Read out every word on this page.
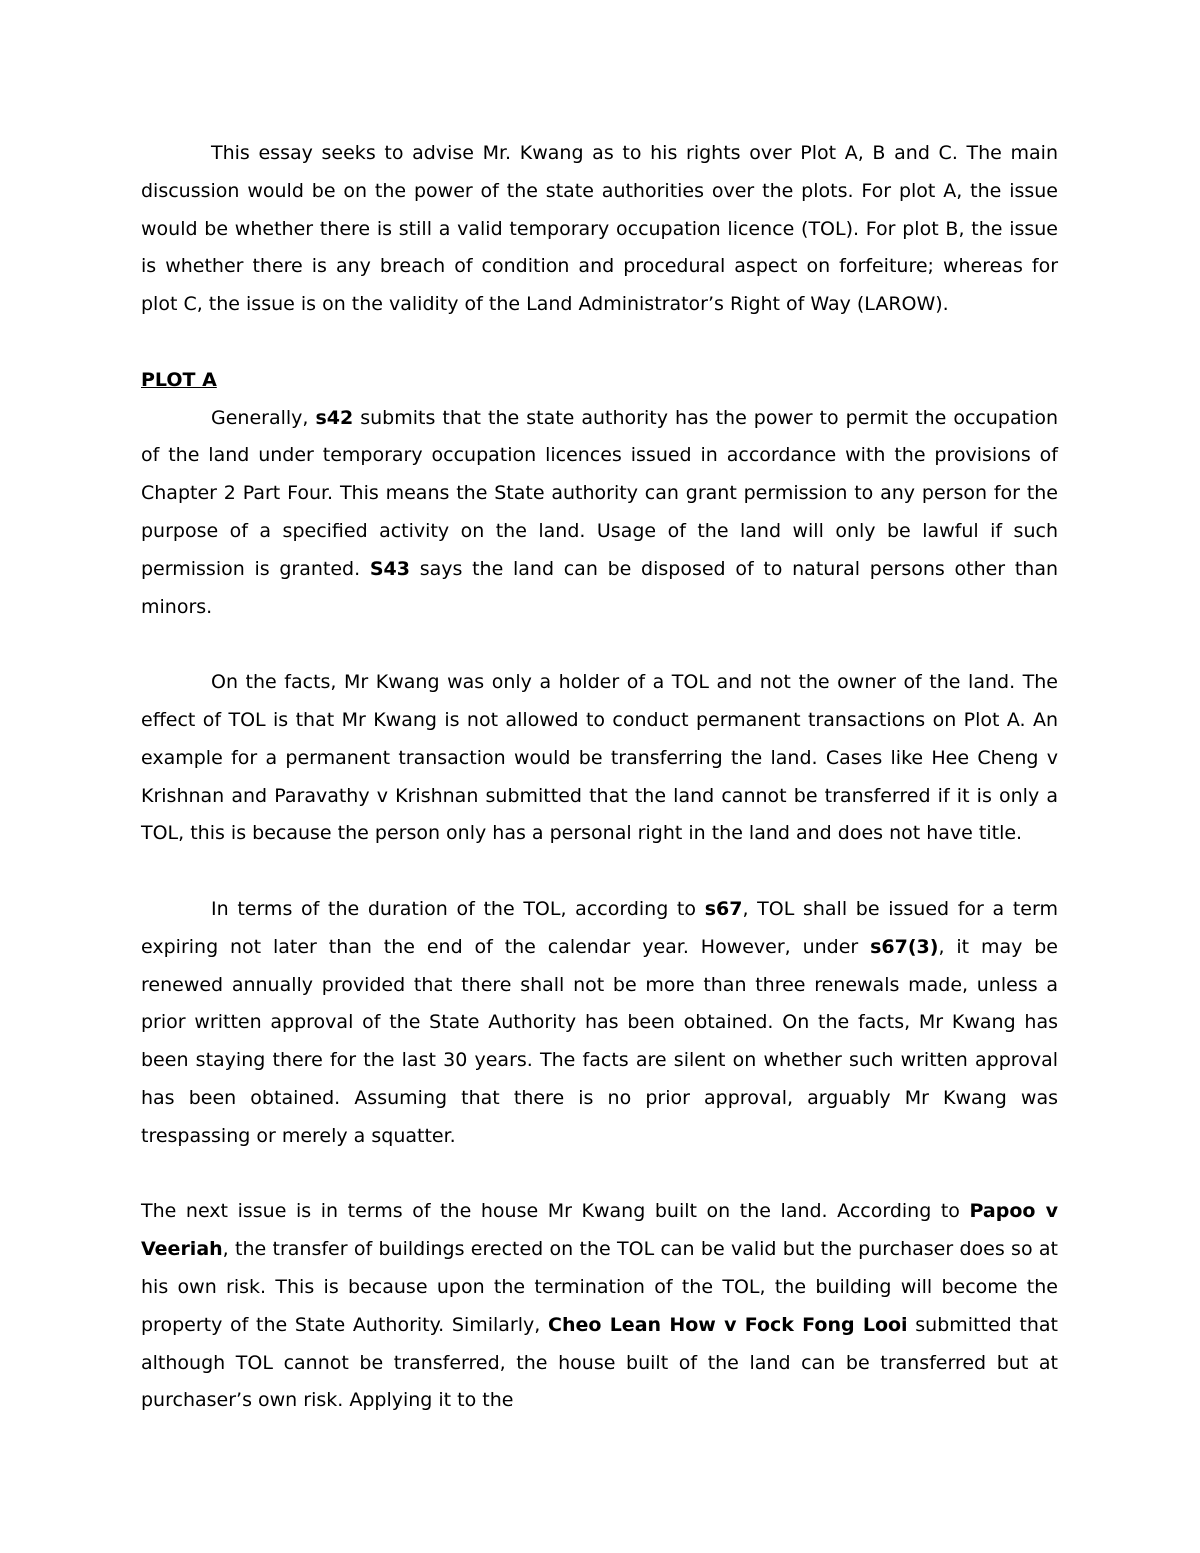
This essay seeks to advise Mr. Kwang as to his rights over Plot A, B and C. The main discussion would be on the power of the state authorities over the plots. For plot A, the issue would be whether there is still a valid temporary occupation licence (TOL). For plot B, the issue is whether there is any breach of condition and procedural aspect on forfeiture; whereas for plot C, the issue is on the validity of the Land Administrator’s Right of Way (LAROW).

PLOT A

Generally, s42 submits that the state authority has the power to permit the occupation of the land under temporary occupation licences issued in accordance with the provisions of Chapter 2 Part Four. This means the State authority can grant permission to any person for the purpose of a specified activity on the land. Usage of the land will only be lawful if such permission is granted. S43 says the land can be disposed of to natural persons other than minors.

On the facts, Mr Kwang was only a holder of a TOL and not the owner of the land. The effect of TOL is that Mr Kwang is not allowed to conduct permanent transactions on Plot A. An example for a permanent transaction would be transferring the land. Cases like Hee Cheng v Krishnan and Paravathy v Krishnan submitted that the land cannot be transferred if it is only a TOL, this is because the person only has a personal right in the land and does not have title.

In terms of the duration of the TOL, according to s67, TOL shall be issued for a term expiring not later than the end of the calendar year. However, under s67(3), it may be renewed annually provided that there shall not be more than three renewals made, unless a prior written approval of the State Authority has been obtained. On the facts, Mr Kwang has been staying there for the last 30 years. The facts are silent on whether such written approval has been obtained. Assuming that there is no prior approval, arguably Mr Kwang was trespassing or merely a squatter.

The next issue is in terms of the house Mr Kwang built on the land. According to Papoo v Veeriah, the transfer of buildings erected on the TOL can be valid but the purchaser does so at his own risk. This is because upon the termination of the TOL, the building will become the property of the State Authority. Similarly, Cheo Lean How v Fock Fong Looi submitted that although TOL cannot be transferred, the house built of the land can be transferred but at purchaser’s own risk. Applying it to the
